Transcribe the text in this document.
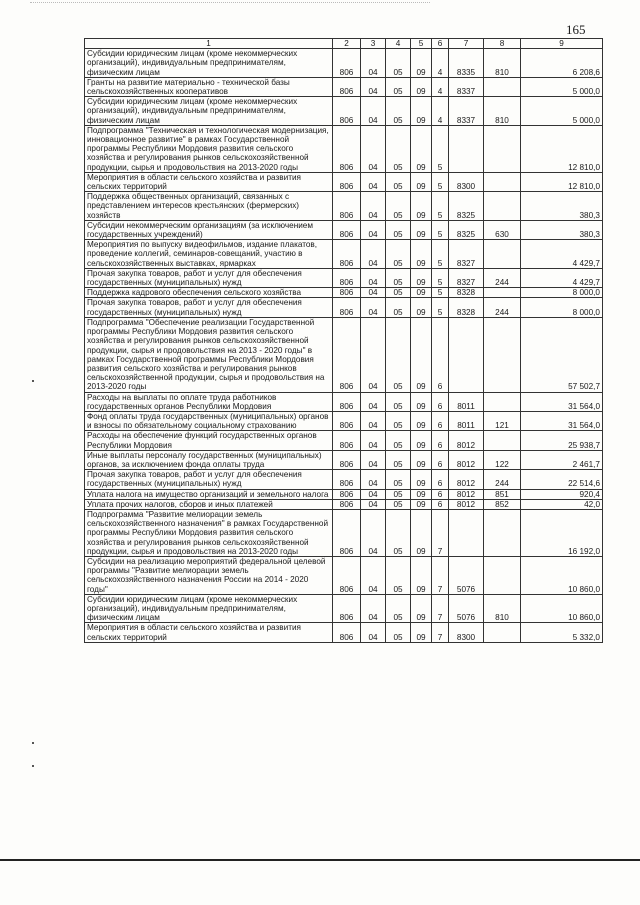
165
1	2	3	4	5	6	7	8	9
Субсидии юридическим лицам (кроме некоммерческих организаций), индивидуальным предпринимателям, физическим лицам	806	04	05	09	4	8335	810	6 208,6
Гранты на развитие материально - технической базы сельскохозяйственных кооперативов	806	04	05	09	4	8337		5 000,0
Субсидии юридическим лицам (кроме некоммерческих организаций), индивидуальным предпринимателям, физическим лицам	806	04	05	09	4	8337	810	5 000,0
Подпрограмма "Техническая и технологическая модернизация, инновационное развитие" в рамках Государственной программы Республики Мордовия развития сельского хозяйства и регулирования рынков сельскохозяйственной продукции, сырья и продовольствия на 2013-2020 годы	806	04	05	09	5			12 810,0
Мероприятия в области сельского хозяйства и развития сельских территорий	806	04	05	09	5	8300		12 810,0
Поддержка общественных организаций, связанных с представлением интересов крестьянских (фермерских) хозяйств	806	04	05	09	5	8325		380,3
Субсидии некоммерческим организациям (за исключением государственных учреждений)	806	04	05	09	5	8325	630	380,3
Мероприятия по выпуску видеофильмов, издание плакатов, проведение коллегий, семинаров-совещаний, участию в сельскохозяйственных выставках, ярмарках	806	04	05	09	5	8327		4 429,7
Прочая закупка товаров, работ и услуг для обеспечения государственных (муниципальных) нужд	806	04	05	09	5	8327	244	4 429,7
Поддержка кадрового обеспечения сельского хозяйства	806	04	05	09	5	8328		8 000,0
Прочая закупка товаров, работ и услуг для обеспечения государственных (муниципальных) нужд	806	04	05	09	5	8328	244	8 000,0
Подпрограмма "Обеспечение реализации Государственной программы Республики Мордовия развития сельского хозяйства и регулирования рынков сельскохозяйственной продукции, сырья и продовольствия на 2013 - 2020 годы" в рамках Государственной программы Республики Мордовия развития сельского хозяйства и регулирования рынков сельскохозяйственной продукции, сырья и продовольствия на 2013-2020 годы	806	04	05	09	6			57 502,7
Расходы на выплаты по оплате труда работников государственных органов Республики Мордовия	806	04	05	09	6	8011		31 564,0
Фонд оплаты труда государственных (муниципальных) органов и взносы по обязательному социальному страхованию	806	04	05	09	6	8011	121	31 564,0
Расходы на обеспечение функций государственных органов Республики Мордовия	806	04	05	09	6	8012		25 938,7
Иные выплаты персоналу государственных (муниципальных) органов, за исключением фонда оплаты труда	806	04	05	09	6	8012	122	2 461,7
Прочая закупка товаров, работ и услуг для обеспечения государственных (муниципальных) нужд	806	04	05	09	6	8012	244	22 514,6
Уплата налога на имущество организаций и земельного налога	806	04	05	09	6	8012	851	920,4
Уплата прочих налогов, сборов и иных платежей	806	04	05	09	6	8012	852	42,0
Подпрограмма "Развитие мелиорации земель сельскохозяйственного назначения" в рамках Государственной программы Республики Мордовия развития сельского хозяйства и регулирования рынков сельскохозяйственной продукции, сырья и продовольствия на 2013-2020 годы	806	04	05	09	7			16 192,0
Субсидии на реализацию мероприятий федеральной целевой программы "Развитие мелиорации земель сельскохозяйственного назначения России на 2014 - 2020 годы"	806	04	05	09	7	5076		10 860,0
Субсидии юридическим лицам (кроме некоммерческих организаций), индивидуальным предпринимателям, физическим лицам	806	04	05	09	7	5076	810	10 860,0
Мероприятия в области сельского хозяйства и развития сельских территорий	806	04	05	09	7	8300		5 332,0
